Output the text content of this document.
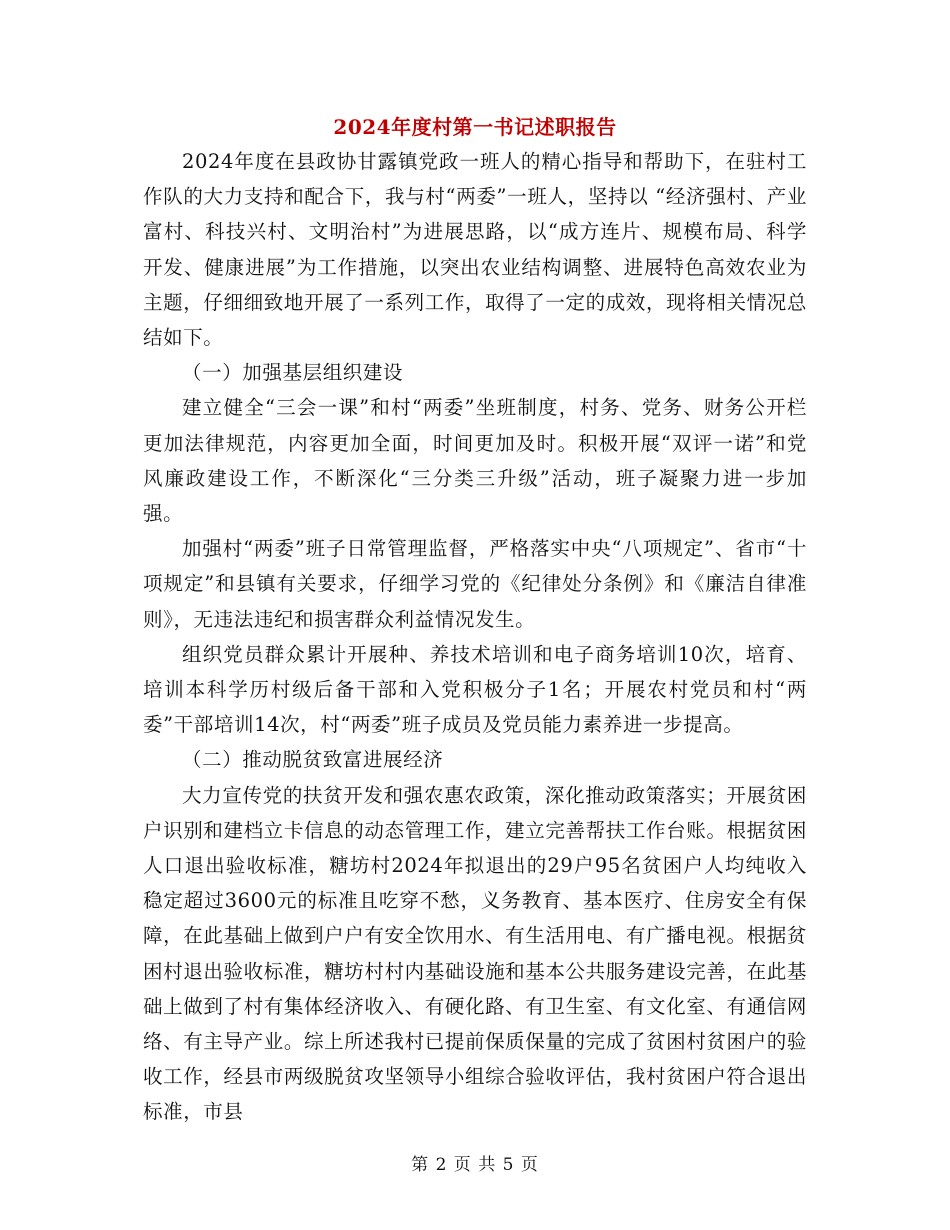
2024年度村第一书记述职报告

2024年度在县政协甘露镇党政一班人的精心指导和帮助下，在驻村工作队的大力支持和配合下，我与村“两委”一班人，坚持以 “经济强村、产业富村、科技兴村、文明治村”为进展思路，以“成方连片、规模布局、科学开发、健康进展”为工作措施，以突出农业结构调整、进展特色高效农业为主题，仔细细致地开展了一系列工作，取得了一定的成效，现将相关情况总结如下。

（一）加强基层组织建设

建立健全“三会一课”和村“两委”坐班制度，村务、党务、财务公开栏更加法律规范，内容更加全面，时间更加及时。积极开展“双评一诺”和党风廉政建设工作，不断深化“三分类三升级”活动，班子凝聚力进一步加强。

加强村“两委”班子日常管理监督，严格落实中央“八项规定”、省市“十项规定”和县镇有关要求，仔细学习党的《纪律处分条例》和《廉洁自律准则》，无违法违纪和损害群众利益情况发生。

组织党员群众累计开展种、养技术培训和电子商务培训10次，培育、培训本科学历村级后备干部和入党积极分子1名；开展农村党员和村“两委”干部培训14次，村“两委”班子成员及党员能力素养进一步提高。

（二）推动脱贫致富进展经济

大力宣传党的扶贫开发和强农惠农政策，深化推动政策落实；开展贫困户识别和建档立卡信息的动态管理工作，建立完善帮扶工作台账。根据贫困人口退出验收标准，糖坊村2024年拟退出的29户95名贫困户人均纯收入稳定超过3600元的标准且吃穿不愁，义务教育、基本医疗、住房安全有保障，在此基础上做到户户有安全饮用水、有生活用电、有广播电视。根据贫困村退出验收标准，糖坊村村内基础设施和基本公共服务建设完善，在此基础上做到了村有集体经济收入、有硬化路、有卫生室、有文化室、有通信网络、有主导产业。综上所述我村已提前保质保量的完成了贫困村贫困户的验收工作，经县市两级脱贫攻坚领导小组综合验收评估，我村贫困户符合退出标准，市县

第 2 页 共 5 页
